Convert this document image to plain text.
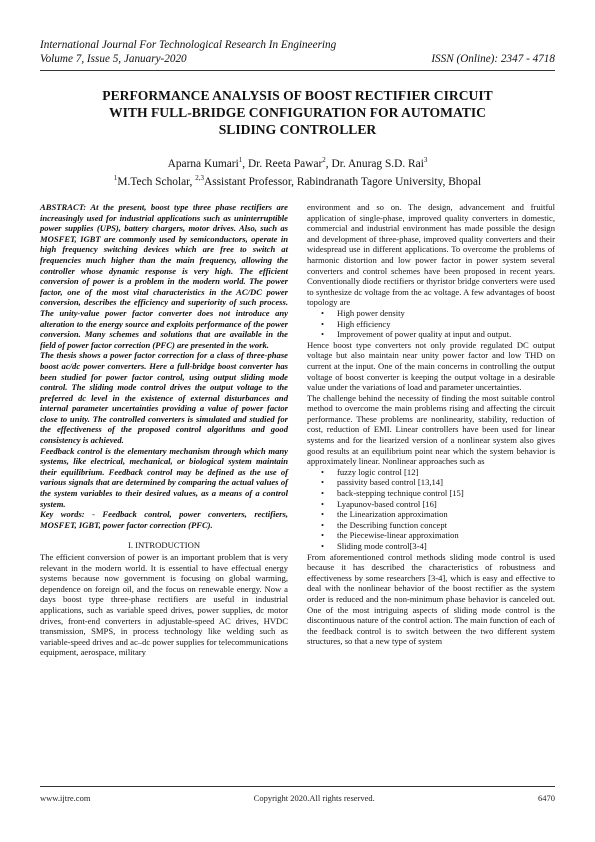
International Journal For Technological Research In Engineering
Volume 7, Issue 5, January-2020	ISSN (Online): 2347 - 4718
PERFORMANCE ANALYSIS OF BOOST RECTIFIER CIRCUIT
WITH FULL-BRIDGE CONFIGURATION FOR AUTOMATIC
SLIDING CONTROLLER
Aparna Kumari$^1$, Dr. Reeta Pawar$^2$, Dr. Anurag S.D. Rai$^3$
$^1$M.Tech Scholar, $^{2,3}$Assistant Professor, Rabindranath Tagore University, Bhopal

ABSTRACT: At the present, boost type three phase rectifiers are increasingly used for industrial applications such as uninterruptible power supplies (UPS), battery chargers, motor drives. Also, such as MOSFET, IGBT are commonly used by semiconductors, operate in high frequency switching devices which are free to switch at frequencies much higher than the main frequency, allowing the controller whose dynamic response is very high. The efficient conversion of power is a problem in the modern world. The power factor, one of the most vital characteristics in the AC/DC power conversion, describes the efficiency and superiority of such process. The unity-value power factor converter does not introduce any alteration to the energy source and exploits performance of the power conversion. Many schemes and solutions that are available in the field of power factor correction (PFC) are presented in the work.

The thesis shows a power factor correction for a class of three-phase boost ac/dc power converters. Here a full-bridge boost converter has been studied for power factor control, using output sliding mode control. The sliding mode control drives the output voltage to the preferred dc level in the existence of external disturbances and internal parameter uncertainties providing a value of power factor close to unity. The controlled converters is simulated and studied for the effectiveness of the proposed control algorithms and good consistency is achieved.

Feedback control is the elementary mechanism through which many systems, like electrical, mechanical, or biological system maintain their equilibrium. Feedback control may be defined as the use of various signals that are determined by comparing the actual values of the system variables to their desired values, as a means of a control system.

Key words: - Feedback control, power converters, rectifiers, MOSFET, IGBT, power factor correction (PFC).

I. INTRODUCTION

The efficient conversion of power is an important problem that is very relevant in the modern world. It is essential to have effectual energy systems because now government is focusing on global warming, dependence on foreign oil, and the focus on renewable energy. Now a days boost type three-phase rectifiers are useful in industrial applications, such as variable speed drives, power supplies, dc motor drives, front-end converters in adjustable-speed AC drives, HVDC transmission, SMPS, in process technology like welding such as variable-speed drives and ac–dc power supplies for telecommunications equipment, aerospace, military

environment and so on. The design, advancement and fruitful application of single-phase, improved quality converters in domestic, commercial and industrial environment has made possible the design and development of three-phase, improved quality converters and their widespread use in different applications. To overcome the problems of harmonic distortion and low power factor in power system several converters and control schemes have been proposed in recent years. Conventionally diode rectifiers or thyristor bridge converters were used to synthesize dc voltage from the ac voltage. A few advantages of boost topology are

• High power density
• High efficiency
• Improvement of power quality at input and output.

Hence boost type converters not only provide regulated DC output voltage but also maintain near unity power factor and low THD on current at the input. One of the main concerns in controlling the output voltage of boost converter is keeping the output voltage in a desirable value under the variations of load and parameter uncertainties.

The challenge behind the necessity of finding the most suitable control method to overcome the main problems rising and affecting the circuit performance. These problems are nonlinearity, stability, reduction of cost, reduction of EMI. Linear controllers have been used for linear systems and for the liearized version of a nonlinear system also gives good results at an equilibrium point near which the system behavior is approximately linear. Nonlinear approaches such as

• fuzzy logic control [12]
• passivity based control [13,14]
• back-stepping technique control [15]
• Lyapunov-based control [16]
• the Linearization approximation
• the Describing function concept
• the Piecewise-linear approximation
• Sliding mode control[3-4]

From aforementioned control methods sliding mode control is used because it has described the characteristics of robustness and effectiveness by some researchers [3-4], which is easy and effective to deal with the nonlinear behavior of the boost rectifier as the system order is reduced and the non-minimum phase behavior is canceled out. One of the most intriguing aspects of sliding mode control is the discontinuous nature of the control action. The main function of each of the feedback control is to switch between the two different system structures, so that a new type of system

www.ijtre.com	Copyright 2020.All rights reserved.	6470
